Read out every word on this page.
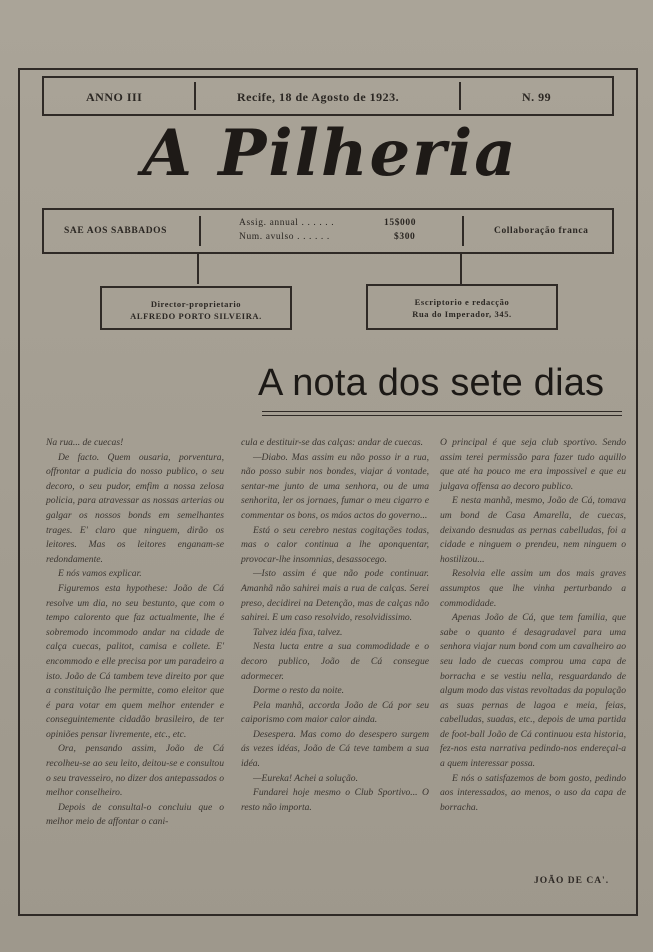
ANNO III	Recife, 18 de Agosto de 1923.	N. 99
A Pilheria
SAE AOS SABBADOS
Assig. annual . . . . . .	15$000
Num. avulso . . . . . .	$300
Collaboração franca
Director-proprietario
ALFREDO PORTO SILVEIRA.
Escriptorio e redacção
Rua do Imperador, 345.
A nota dos sete dias

Na rua... de cuecas!

De facto. Quem ousaria, porventura, offrontar a pudicia do nosso publico, o seu decoro, o seu pudor, emfim a nossa zelosa policia, para atravessar as nossas arterias ou galgar os nossos bonds em semelhantes trages. E' claro que ninguem, dirão os leitores. Mas os leitores enganam-se redondamente.

E nós vamos explicar.

Figuremos esta hypothese: João de Cá resolve um dia, no seu bestunto, que com o tempo calorento que faz actualmente, lhe é sobremodo incommodo andar na cidade de calça cuecas, palitot, camisa e collete. E' encommodo e elle precisa por um paradeiro a isto. João de Cá tambem teve direito por que a constituição lhe permitte, como eleitor que é para votar em quem melhor entender e conseguintemente cidadão brasileiro, de ter opiniões pensar livremente, etc., etc.

Ora, pensando assim, João de Cá recolheu-se ao seu leito, deitou-se e consultou o seu travesseiro, no dizer dos antepassados o melhor conselheiro.

Depois de consultal-o concluiu que o melhor meio de affontar o cani-

cula e destituir-se das calças: andar de cuecas.

—Diabo. Mas assim eu não posso ir a rua, não posso subir nos bondes, viajar á vontade, sentar-me junto de uma senhora, ou de uma senhorita, ler os jornaes, fumar o meu cigarro e commentar os bons, os máos actos do governo...

Está o seu cerebro nestas cogitações todas, mas o calor continua a lhe aponquentar, provocar-lhe insomnias, desassocego.

—Isto assim é que não pode continuar. Amanhã não sahirei mais a rua de calças. Serei preso, decidirei na Detenção, mas de calças não sahirei. E um caso resolvido, resolvidissimo.

Talvez idéa fixa, talvez.

Nesta lucta entre a sua commodidade e o decoro publico, João de Cá consegue adormecer.

Dorme o resto da noite.

Pela manhã, accorda João de Cá por seu caiporismo com maior calor ainda.

Desespera. Mas como do desespero surgem ás vezes idéas, João de Cá teve tambem a sua idéa.

—Eureka! Achei a solução.

Fundarei hoje mesmo o Club Sportivo... O resto não importa.

O principal é que seja club sportivo. Sendo assim terei permissão para fazer tudo aquillo que até ha pouco me era impossivel e que eu julgava offensa ao decoro publico.

E nesta manhã, mesmo, João de Cá, tomava um bond de Casa Amarella, de cuecas, deixando desnudas as pernas cabelludas, foi a cidade e ninguem o prendeu, nem ninguem o hostilizou...

Resolvia elle assim um dos mais graves assumptos que lhe vinha perturbando a commodidade.

Apenas João de Cá, que tem familia, que sabe o quanto é desagradavel para uma senhora viajar num bond com um cavalheiro ao seu lado de cuecas comprou uma capa de borracha e se vestiu nella, resguardando de algum modo das vistas revoltadas da população as suas pernas de lagoa e meia, feias, cabelludas, suadas, etc., depois de uma partida de foot-ball João de Cá continuou esta historia, fez-nos esta narrativa pedindo-nos endereçal-a a quem interessar possa.

E nós o satisfazemos de bom gosto, pedindo aos interessados, ao menos, o uso da capa de borracha.

JOÃO DE CA'.
